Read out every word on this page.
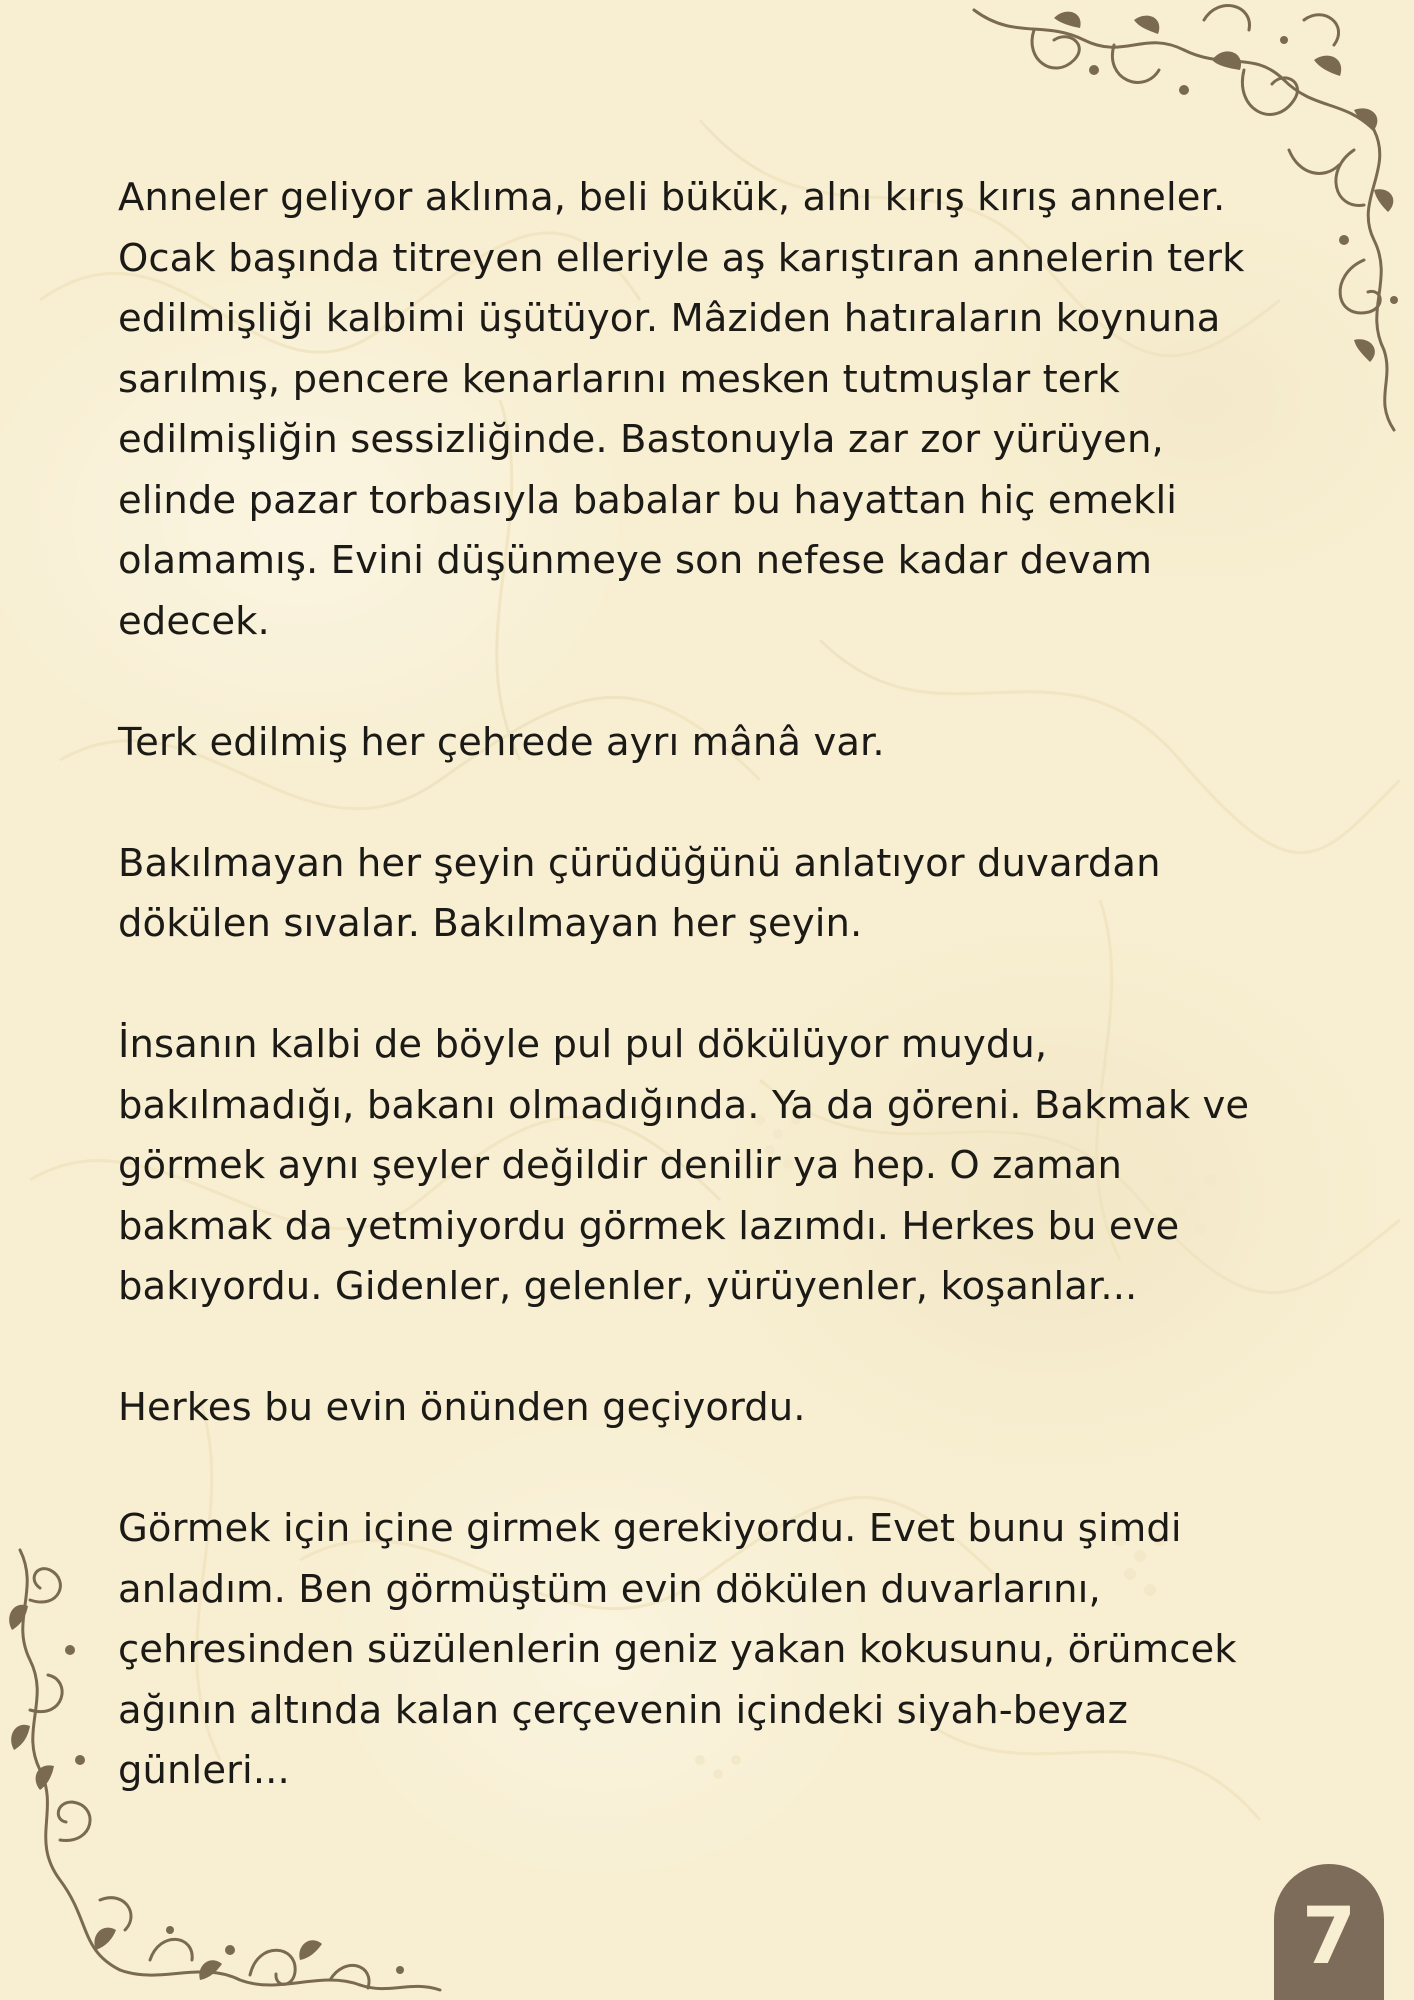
Anneler geliyor aklıma, beli bükük, alnı kırış kırış anneler.
Ocak başında titreyen elleriyle aş karıştıran annelerin terk
edilmişliği kalbimi üşütüyor. Mâziden hatıraların koynuna
sarılmış, pencere kenarlarını mesken tutmuşlar terk
edilmişliğin sessizliğinde. Bastonuyla zar zor yürüyen,
elinde pazar torbasıyla babalar bu hayattan hiç emekli
olamamış. Evini düşünmeye son nefese kadar devam
edecek.

Terk edilmiş her çehrede ayrı mânâ var.

Bakılmayan her şeyin çürüdüğünü anlatıyor duvardan
dökülen sıvalar. Bakılmayan her şeyin.

İnsanın kalbi de böyle pul pul dökülüyor muydu,
bakılmadığı, bakanı olmadığında. Ya da göreni. Bakmak ve
görmek aynı şeyler değildir denilir ya hep. O zaman
bakmak da yetmiyordu görmek lazımdı. Herkes bu eve
bakıyordu. Gidenler, gelenler, yürüyenler, koşanlar...

Herkes bu evin önünden geçiyordu.

Görmek için içine girmek gerekiyordu. Evet bunu şimdi
anladım. Ben görmüştüm evin dökülen duvarlarını,
çehresinden süzülenlerin geniz yakan kokusunu, örümcek
ağının altında kalan çerçevenin içindeki siyah-beyaz
günleri...

7
